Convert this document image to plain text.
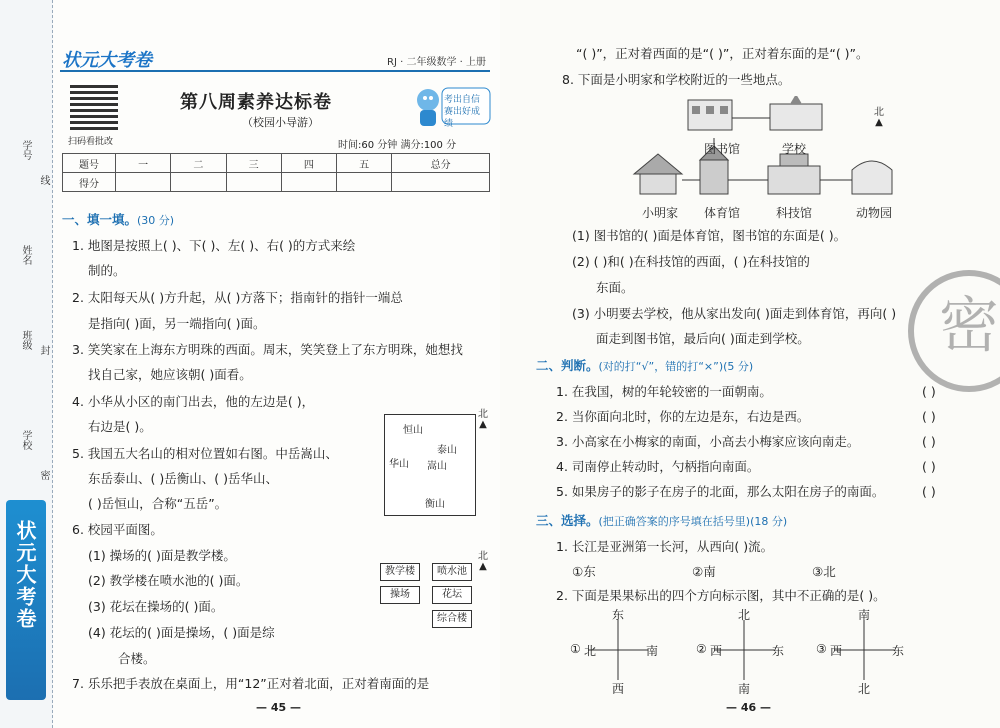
学号
线
姓名
班级 封
学校
密
状元大考卷
状元大考卷	RJ · 二年级数学 · 上册
扫码看批改
第八周素养达标卷
（校园小导游）
考出自信 赛出好成绩
时间:60 分钟 满分:100 分
题号	一	二	三	四	五	总分
得分						
一、填一填。(30 分)
1. 地图是按照上( )、下( )、左( )、右( )的方式来绘
制的。
2. 太阳每天从( )方升起，从( )方落下；指南针的指针一端总
是指向( )面，另一端指向( )面。
3. 笑笑家在上海东方明珠的西面。周末，笑笑登上了东方明珠，她想找
找自己家，她应该朝( )面看。
4. 小华从小区的南门出去，他的左边是( )，
右边是( )。
5. 我国五大名山的相对位置如右图。中岳嵩山、
东岳泰山、( )岳衡山、( )岳华山、
( )岳恒山，合称“五岳”。
恒山
泰山
华山 嵩山
衡山
北
▲
6. 校园平面图。
(1) 操场的( )面是教学楼。
(2) 教学楼在喷水池的( )面。
(3) 花坛在操场的( )面。
(4) 花坛的( )面是操场，( )面是综
合楼。
教学楼	喷水池
操场	花坛
综合楼
北
▲
7. 乐乐把手表放在桌面上，用“12”正对着北面，正对着南面的是
— 45 —
“( )”，正对着西面的是“( )”，正对着东面的是“( )”。
8. 下面是小明家和学校附近的一些地点。
图书馆	学校
小明家 体育馆	科技馆	动物园
北
▲
(1) 图书馆的( )面是体育馆，图书馆的东面是( )。
(2) ( )和( )在科技馆的西面，( )在科技馆的
东面。
(3) 小明要去学校，他从家出发向( )面走到体育馆，再向( )
面走到图书馆，最后向( )面走到学校。
二、判断。(对的打“√”，错的打“×”)(5 分)
1. 在我国，树的年轮较密的一面朝南。
2. 当你面向北时，你的左边是东，右边是西。
3. 小高家在小梅家的南面，小高去小梅家应该向南走。
4. 司南停止转动时，勺柄指向南面。
5. 如果房子的影子在房子的北面，那么太阳在房子的南面。
( )
( )
( )
( )
( )
三、选择。(把正确答案的序号填在括号里)(18 分)
1. 长江是亚洲第一长河，从西向( )流。
①东	②南	③北
2. 下面是果果标出的四个方向标示图，其中不正确的是( )。
①
东
北	南
西
②
北
西	东
南
③
南
西	东
北
— 46 —
密
